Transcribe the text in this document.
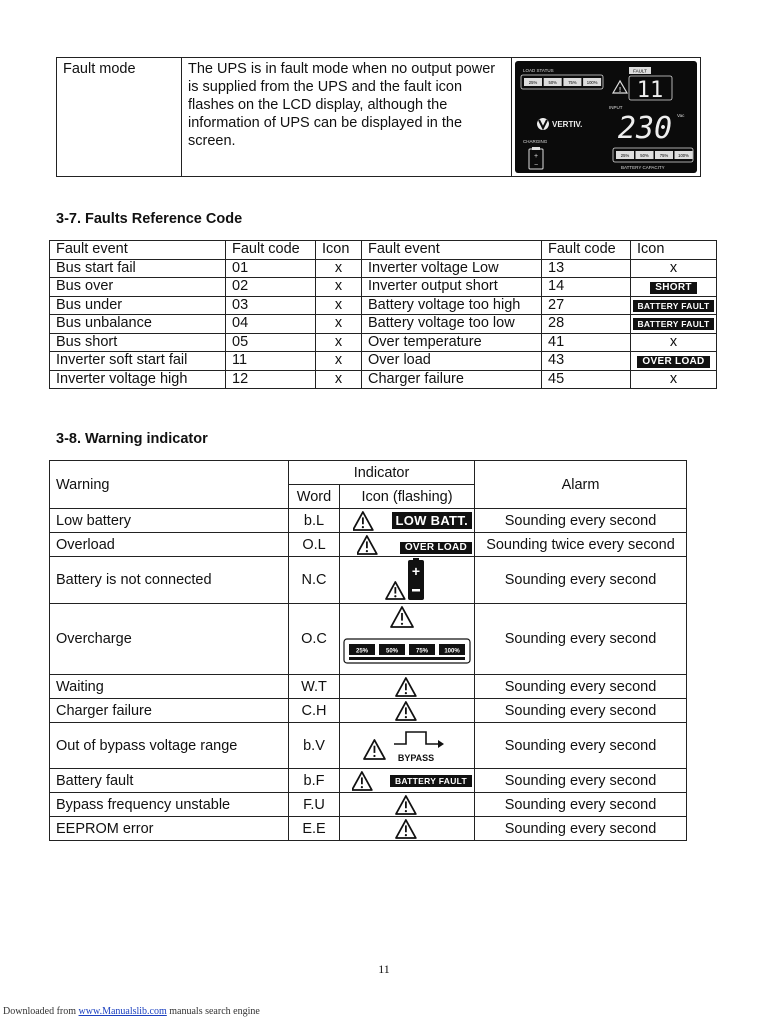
Fault mode	The UPS is in fault mode when no output power is supplied from the UPS and the fault icon flashes on the LCD display, although the information of UPS can be displayed in the screen.	
LOAD STATUS
25%	50%	75% 100%
FAULT
! 11
INPUT
VERTIV. 230 Vac
CHARGING
+
−
25%	50%	75% 100%
BATTERY CAPACITY
3-7. Faults Reference Code
Fault event	Fault code	Icon	Fault event	Fault code	Icon
Bus start fail	01	x	Inverter voltage Low	13	x
Bus over	02	x	Inverter output short	14	SHORT
Bus under	03	x	Battery voltage too high	27	BATTERY FAULT
Bus unbalance	04	x	Battery voltage too low	28	BATTERY FAULT
Bus short	05	x	Over temperature	41	x
Inverter soft start fail	11	x	Over load	43	OVER LOAD
Inverter voltage high	12	x	Charger failure	45	x
3-8. Warning indicator
Warning	Indicator		Alarm
	Word	Icon (flashing)	
Low battery	b.L	LOW BATT.	Sounding every second
Overload	O.L	OVER LOAD	Sounding twice every second
Battery is not connected	N.C	+	Sounding every second
Overcharge	O.C	25% 50% 75% 100%	Sounding every second
Waiting	W.T		Sounding every second
Charger failure	C.H		Sounding every second
Out of bypass voltage range	b.V	BYPASS	Sounding every second
Battery fault	b.F	BATTERY FAULT	Sounding every second
Bypass frequency unstable	F.U		Sounding every second
EEPROM error	E.E		Sounding every second
11
Downloaded from www.Manualslib.com manuals search engine
